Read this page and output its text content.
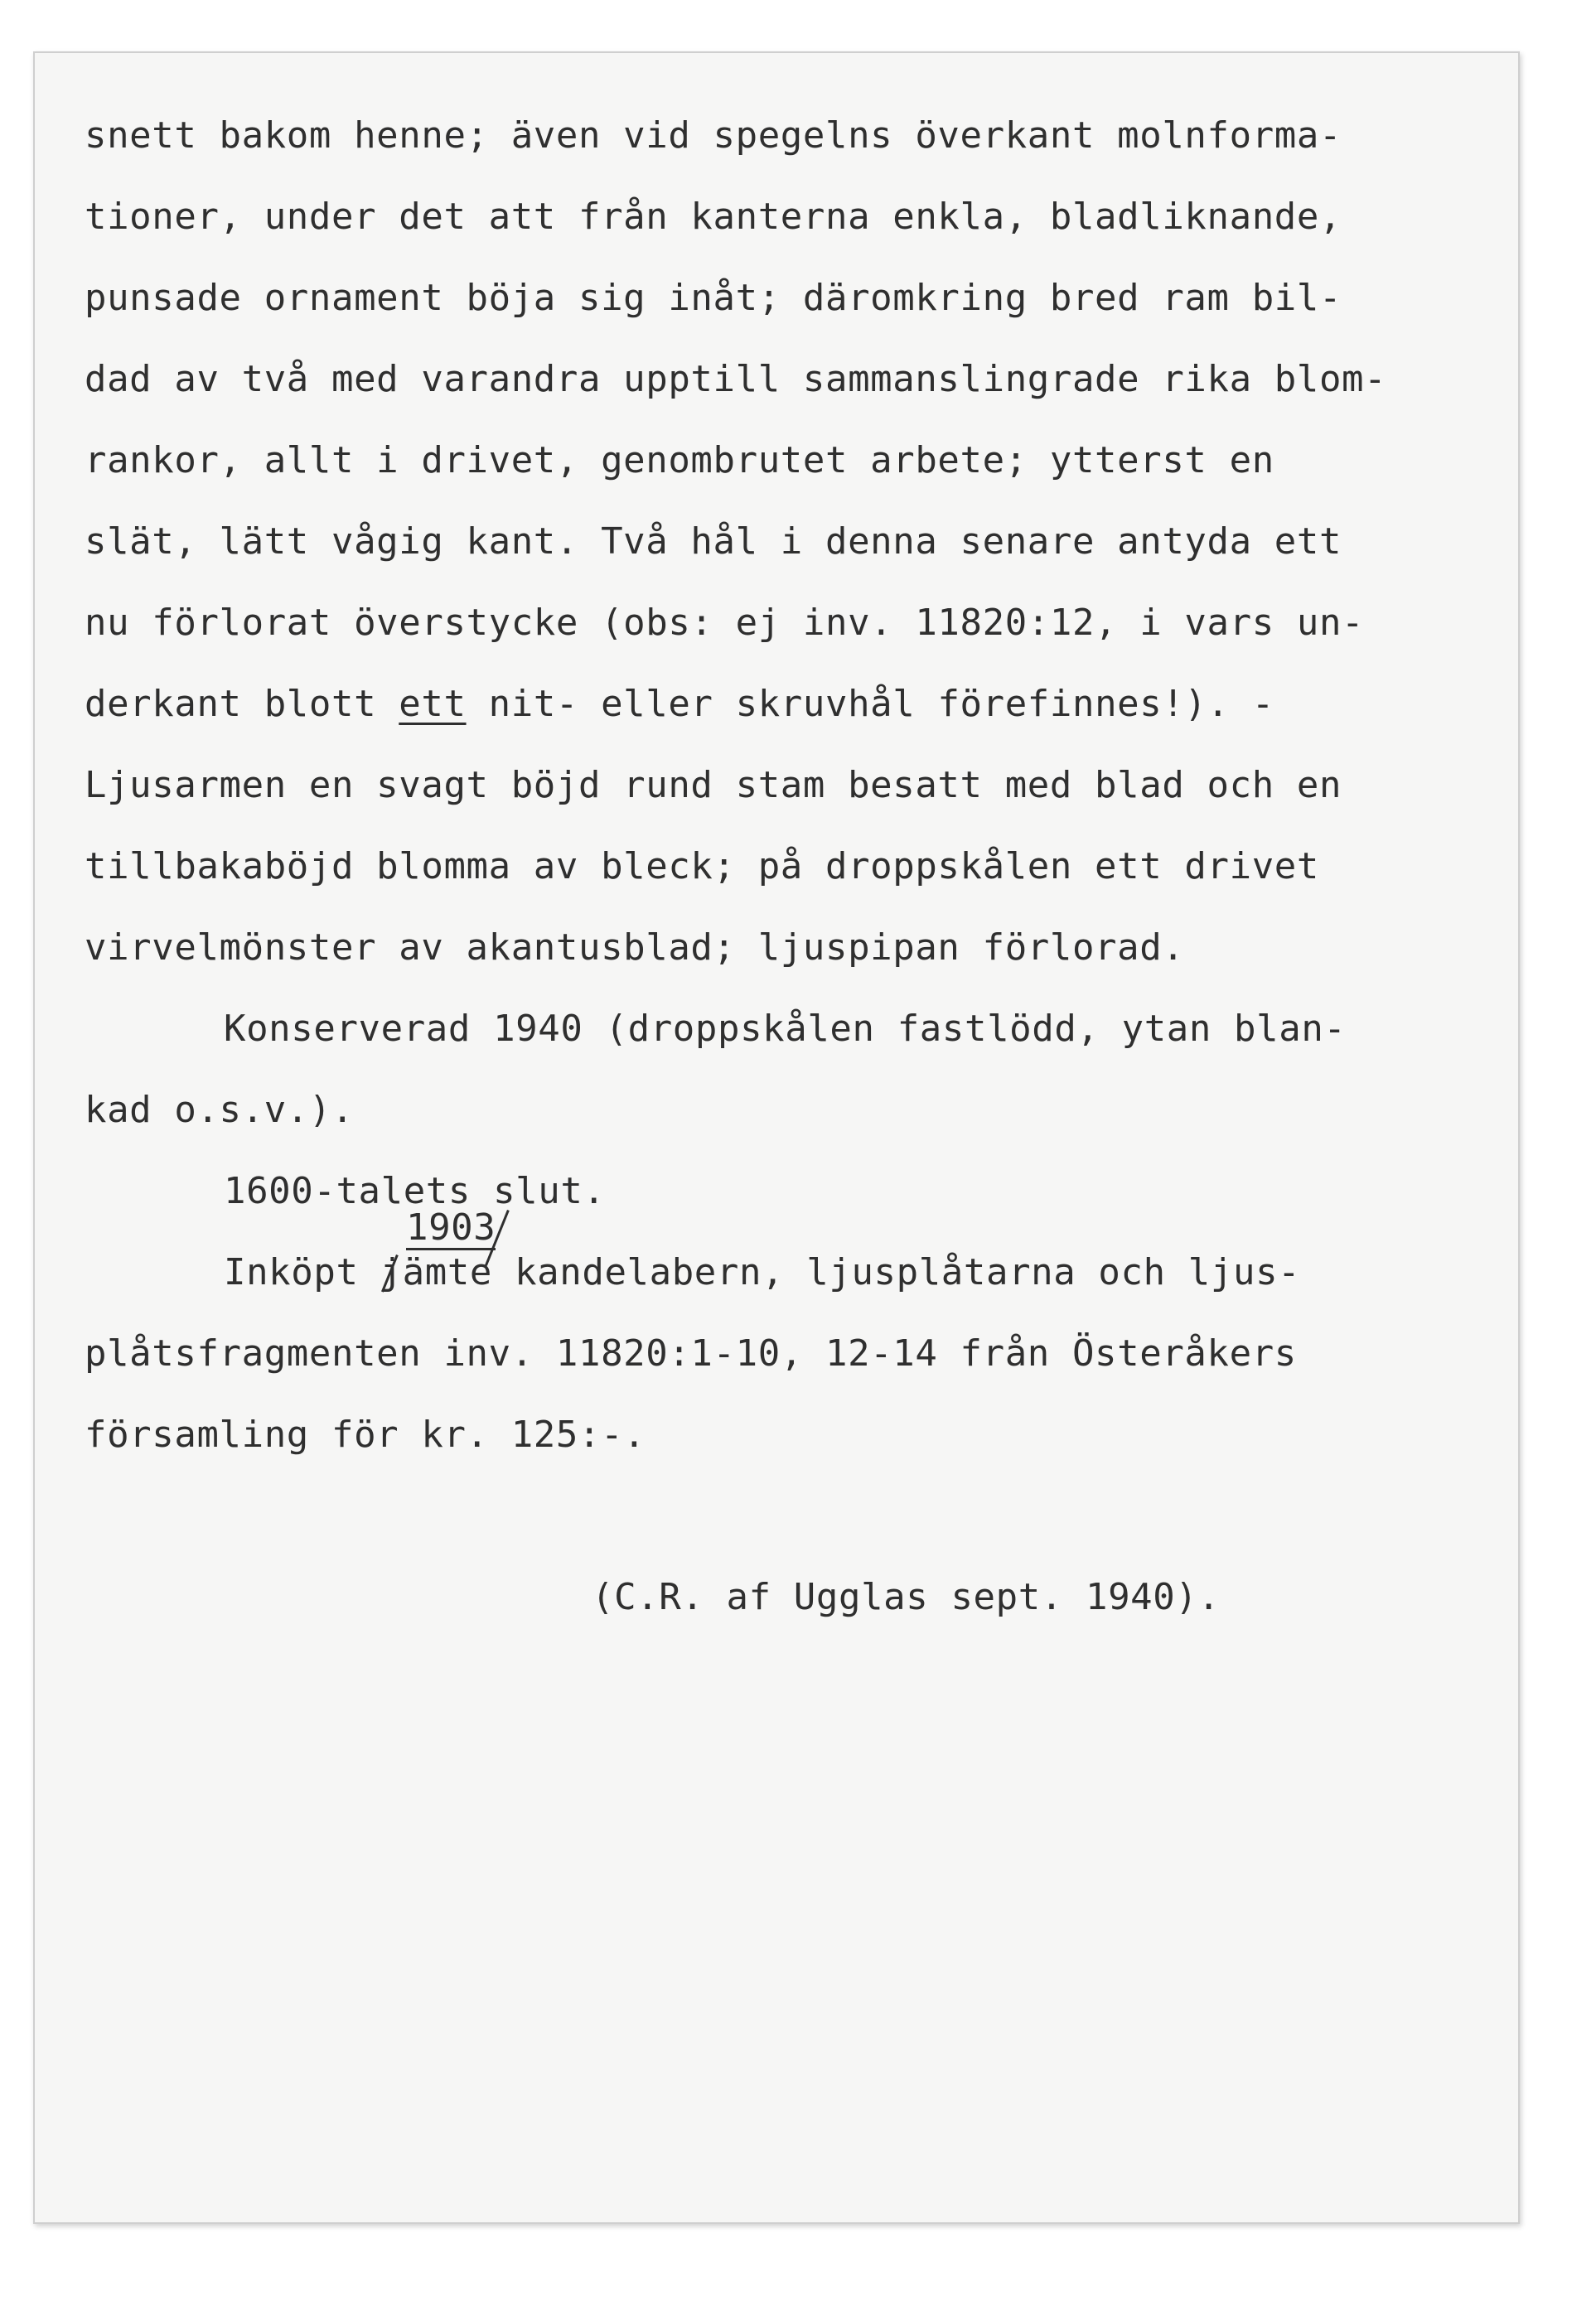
snett bakom henne; även vid spegelns överkant molnforma-
tioner, under det att från kanterna enkla, bladliknande,
punsade ornament böja sig inåt; däromkring bred ram bil-
dad av två med varandra upptill sammanslingrade rika blom-
rankor, allt i drivet, genombrutet arbete; ytterst en
slät, lätt vågig kant. Två hål i denna senare antyda ett
nu förlorat överstycke (obs: ej inv. 11820:12, i vars un-
derkant blott ett nit- eller skruvhål förefinnes!). -
Ljusarmen en svagt böjd rund stam besatt med blad och en
tillbakaböjd blomma av bleck; på droppskålen ett drivet
virvelmönster av akantusblad; ljuspipan förlorad.
Konserverad 1940 (droppskålen fastlödd, ytan blan-
kad o.s.v.).
1600-talets slut.
1903
Inköpt jämte kandelabern, ljusplåtarna och ljus-
plåtsfragmenten inv. 11820:1-10, 12-14 från Österåkers
församling för kr. 125:-.
(C.R. af Ugglas sept. 1940).
